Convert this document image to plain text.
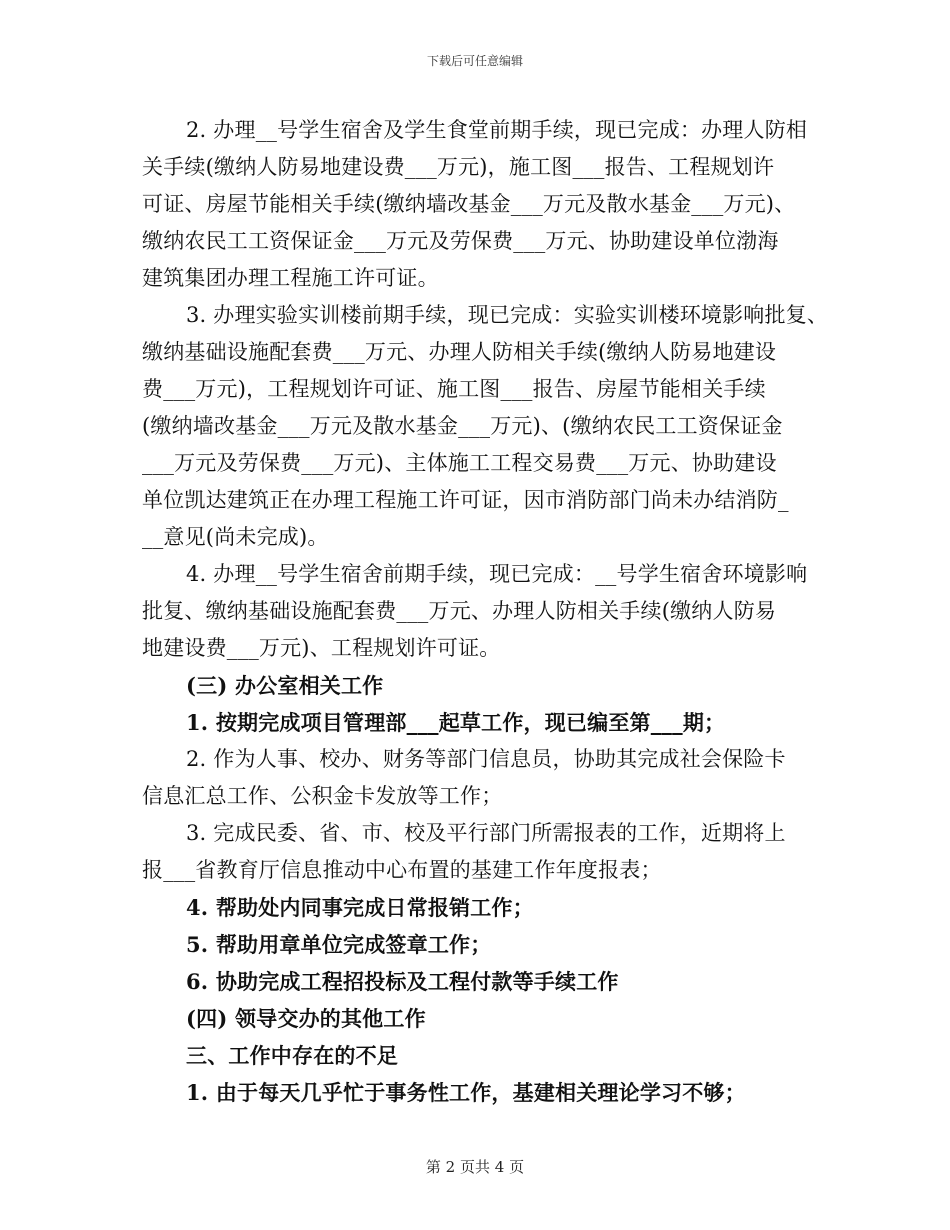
下载后可任意编辑
2. 办理__号学生宿舍及学生食堂前期手续，现已完成：办理人防相
关手续(缴纳人防易地建设费___万元)，施工图___报告、工程规划许
可证、房屋节能相关手续(缴纳墙改基金___万元及散水基金___万元)、
缴纳农民工工资保证金___万元及劳保费___万元、协助建设单位渤海
建筑集团办理工程施工许可证。
3. 办理实验实训楼前期手续，现已完成：实验实训楼环境影响批复、
缴纳基础设施配套费___万元、办理人防相关手续(缴纳人防易地建设
费___万元)，工程规划许可证、施工图___报告、房屋节能相关手续
(缴纳墙改基金___万元及散水基金___万元)、(缴纳农民工工资保证金
___万元及劳保费___万元)、主体施工工程交易费___万元、协助建设
单位凯达建筑正在办理工程施工许可证，因市消防部门尚未办结消防_
__意见(尚未完成)。
4. 办理__号学生宿舍前期手续，现已完成：__号学生宿舍环境影响
批复、缴纳基础设施配套费___万元、办理人防相关手续(缴纳人防易
地建设费___万元)、工程规划许可证。
(三) 办公室相关工作
1. 按期完成项目管理部___起草工作，现已编至第___期；
2. 作为人事、校办、财务等部门信息员，协助其完成社会保险卡
信息汇总工作、公积金卡发放等工作；
3. 完成民委、省、市、校及平行部门所需报表的工作，近期将上
报___省教育厅信息推动中心布置的基建工作年度报表；
4. 帮助处内同事完成日常报销工作；
5. 帮助用章单位完成签章工作；
6. 协助完成工程招投标及工程付款等手续工作
(四) 领导交办的其他工作
三、工作中存在的不足
1. 由于每天几乎忙于事务性工作，基建相关理论学习不够；
第 2 页共 4 页
